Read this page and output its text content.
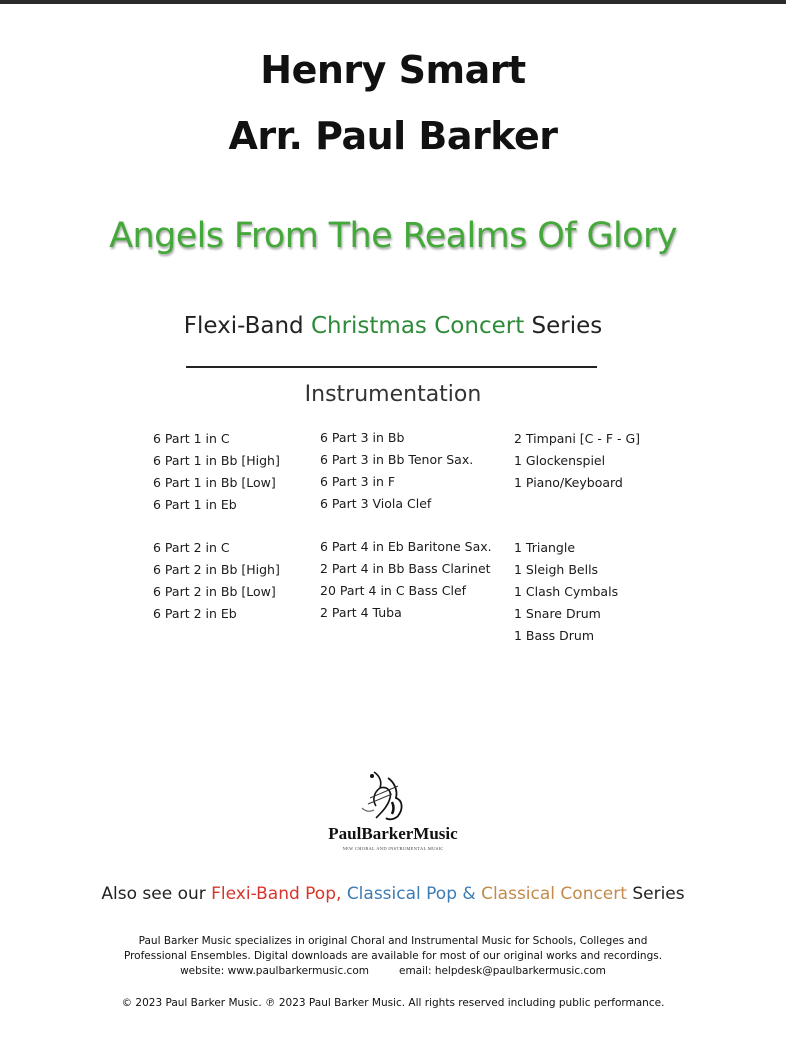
Henry Smart
Arr. Paul Barker
Angels From The Realms Of Glory
Flexi-Band Christmas Concert Series
Instrumentation
6 Part 1 in C
6 Part 1 in Bb [High]
6 Part 1 in Bb [Low]
6 Part 1 in Eb
6 Part 2 in C
6 Part 2 in Bb [High]
6 Part 2 in Bb [Low]
6 Part 2 in Eb
6 Part 3 in Bb
6 Part 3 in Bb Tenor Sax.
6 Part 3 in F
6 Part 3 Viola Clef
6 Part 4 in Eb Baritone Sax.
2 Part 4 in Bb Bass Clarinet
20 Part 4 in C Bass Clef
2 Part 4 Tuba
2 Timpani [C - F - G]
1 Glockenspiel
1 Piano/Keyboard
1 Triangle
1 Sleigh Bells
1 Clash Cymbals
1 Snare Drum
1 Bass Drum
PaulBarkerMusic
NEW CHORAL AND INSTRUMENTAL MUSIC
Also see our Flexi-Band Pop, Classical Pop & Classical Concert Series
Paul Barker Music specializes in original Choral and Instrumental Music for Schools, Colleges and
Professional Ensembles. Digital downloads are available for most of our original works and recordings.
website: www.paulbarkermusic.com	email: helpdesk@paulbarkermusic.com
© 2023 Paul Barker Music. ℗ 2023 Paul Barker Music. All rights reserved including public performance.
